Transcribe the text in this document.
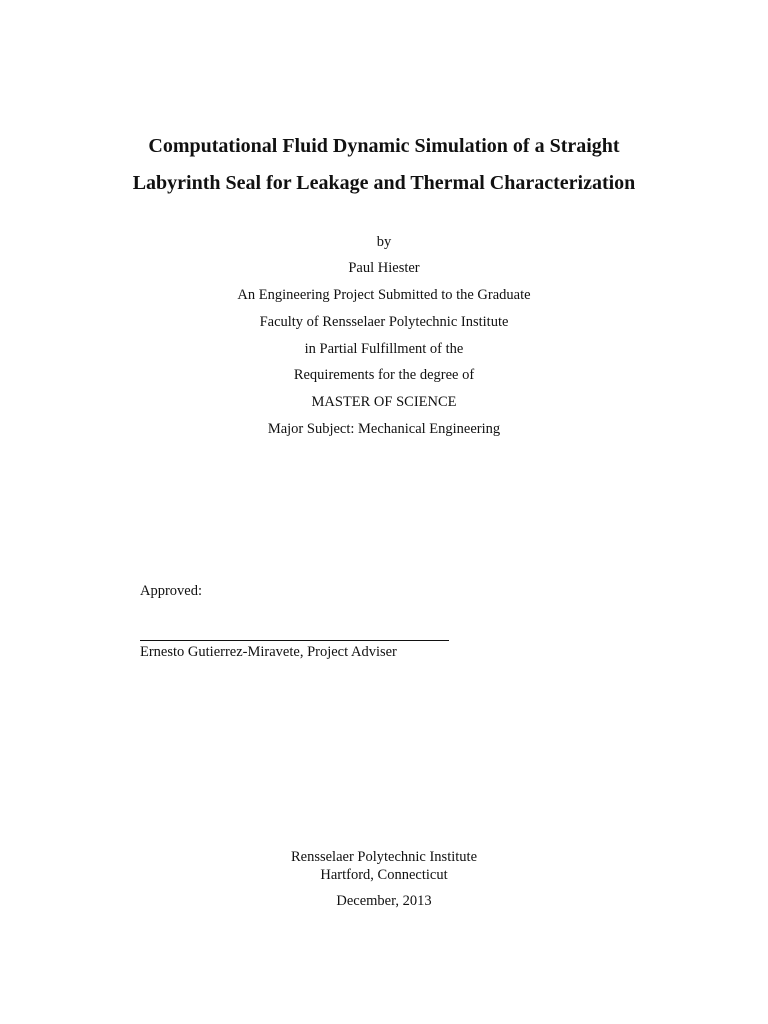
Computational Fluid Dynamic Simulation of a Straight
Labyrinth Seal for Leakage and Thermal Characterization
by
Paul Hiester
An Engineering Project Submitted to the Graduate
Faculty of Rensselaer Polytechnic Institute
in Partial Fulfillment of the
Requirements for the degree of
MASTER OF SCIENCE
Major Subject: Mechanical Engineering
Approved:
Ernesto Gutierrez-Miravete, Project Adviser
Rensselaer Polytechnic Institute
Hartford, Connecticut
December, 2013
